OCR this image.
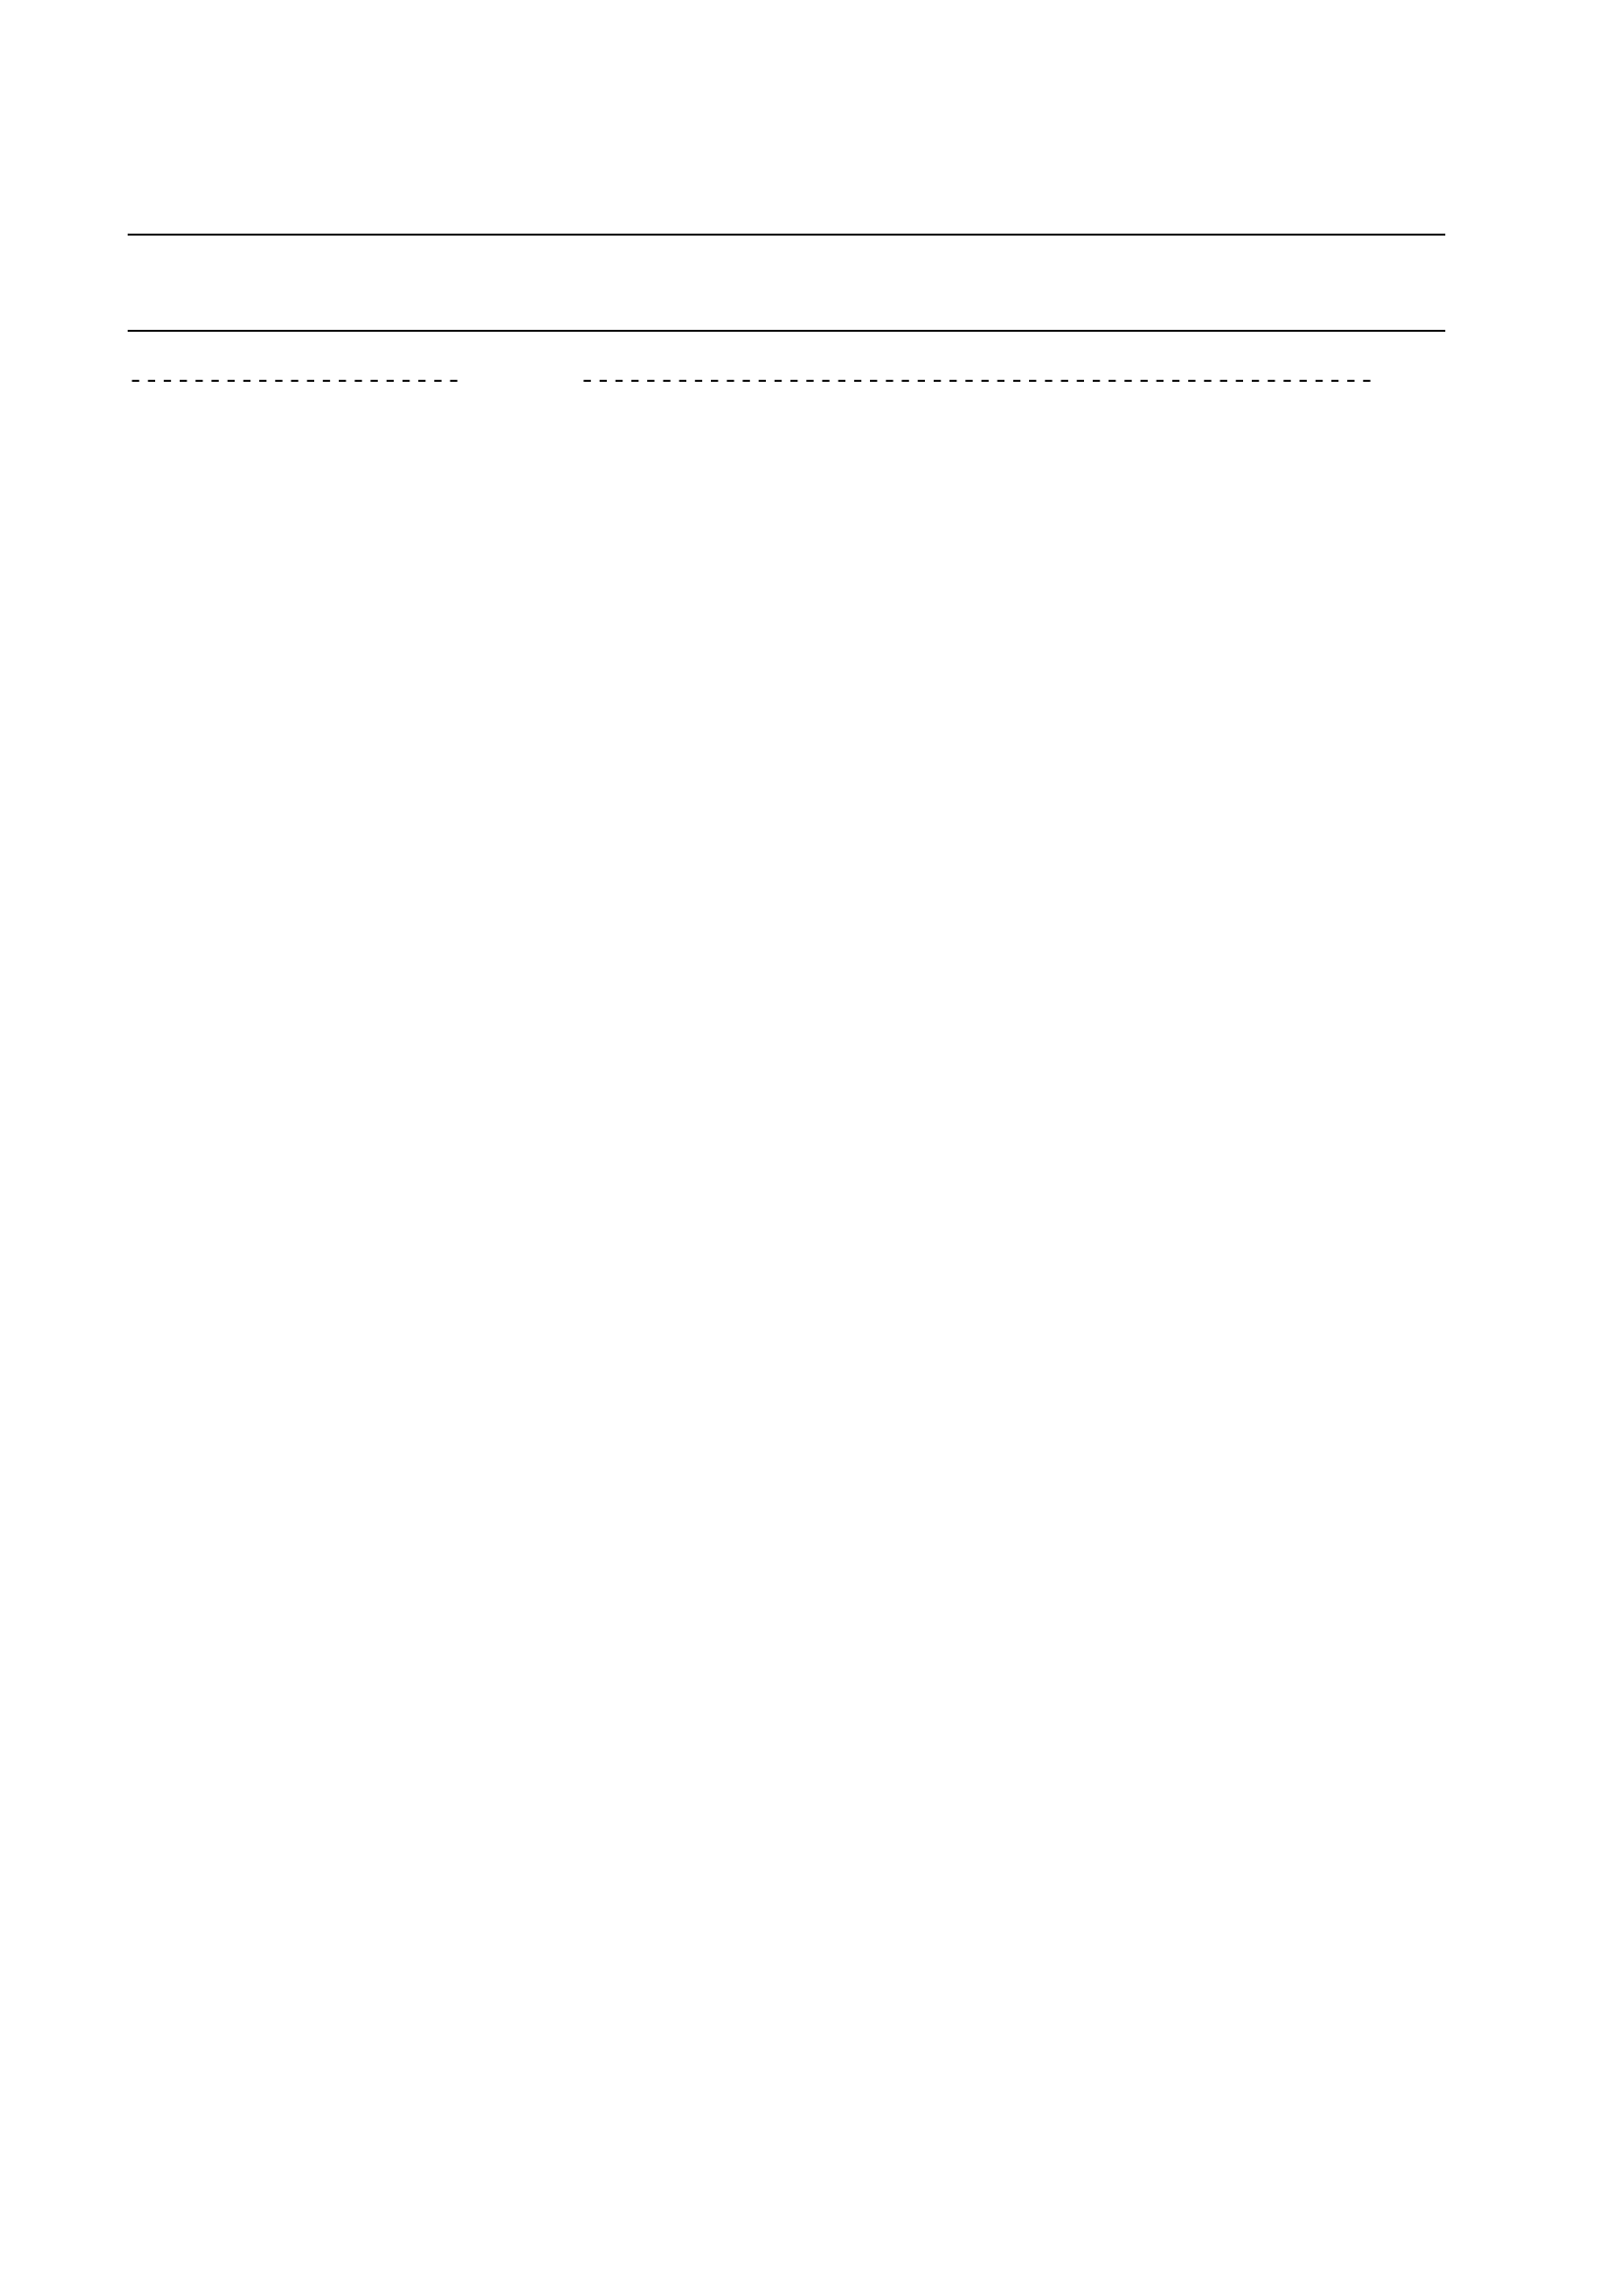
---------------------	--------------------------------------------------
